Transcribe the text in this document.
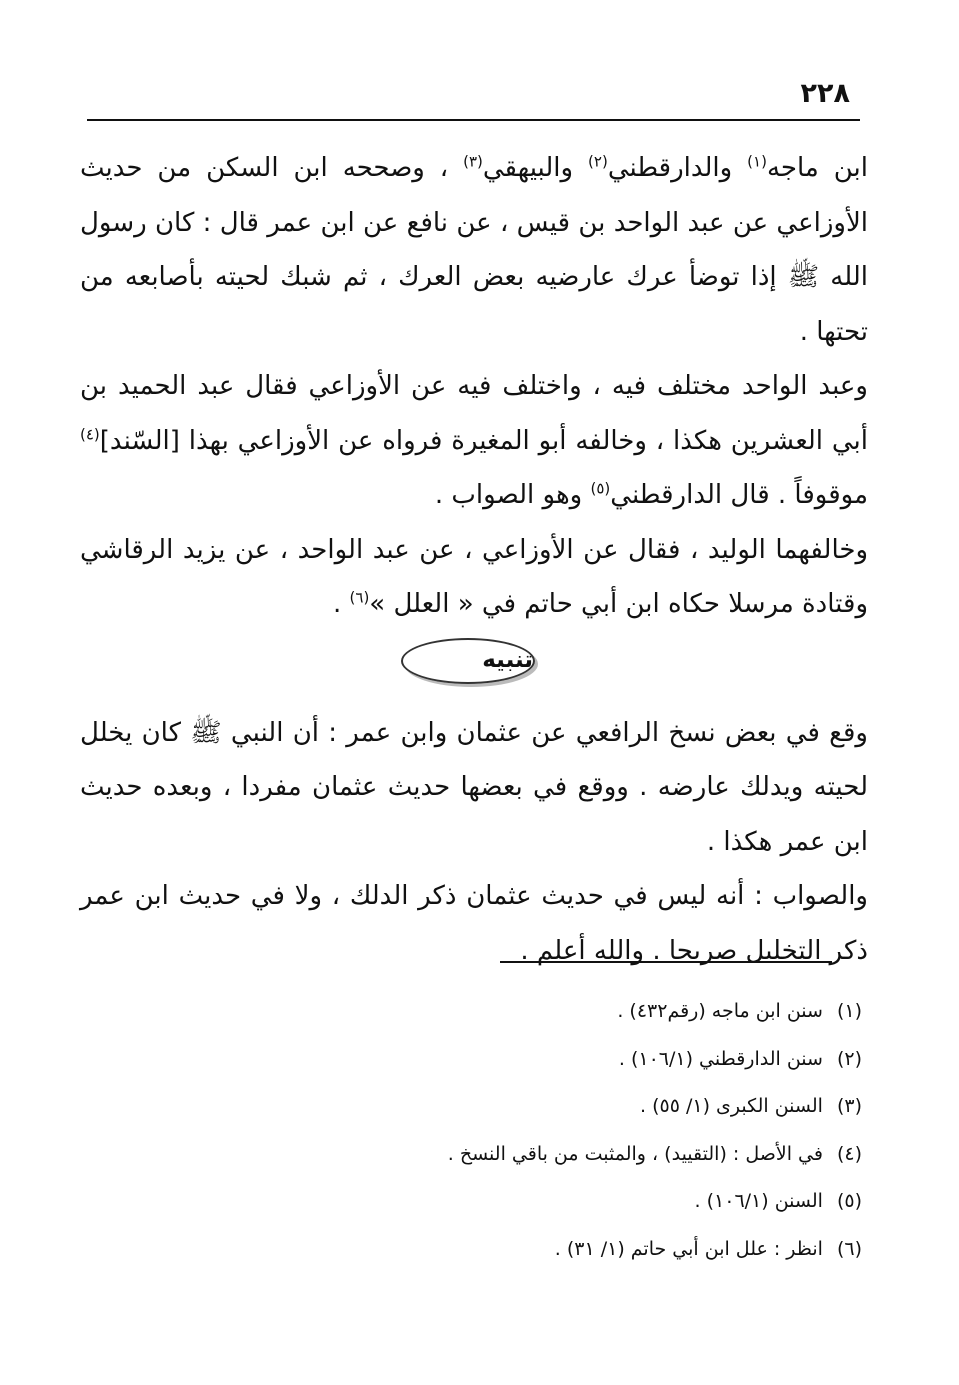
٢٢٨

ابن ماجه$^{(١)}$ والدارقطني$^{(٢)}$ والبيهقي$^{(٣)}$ ، وصححه ابن السكن من حديث الأوزاعي عن عبد الواحد بن قيس ، عن نافع عن ابن عمر قال : كان رسول الله ﷺ إذا توضأ عرك عارضيه بعض العرك ، ثم شبك لحيته بأصابعه من تحتها .

وعبد الواحد مختلف فيه ، واختلف فيه عن الأوزاعي فقال عبد الحميد بن أبي العشرين هكذا ، وخالفه أبو المغيرة فرواه عن الأوزاعي بهذا [السّند]$^{(٤)}$ موقوفاً . قال الدارقطني$^{(٥)}$ وهو الصواب .

وخالفهما الوليد ، فقال عن الأوزاعي ، عن عبد الواحد ، عن يزيد الرقاشي وقتادة مرسلا حكاه ابن أبي حاتم في « العلل »$^{(٦)}$ .

تنبيه

وقع في بعض نسخ الرافعي عن عثمان وابن عمر : أن النبي ﷺ كان يخلل لحيته ويدلك عارضه . ووقع في بعضها حديث عثمان مفردا ، وبعده حديث ابن عمر هكذا .

والصواب : أنه ليس في حديث عثمان ذكر الدلك ، ولا في حديث ابن عمر ذكر التخليل صريحا . والله أعلم .

(١)سنن ابن ماجه (رقم٤٣٢) .
(٢)سنن الدارقطني (١٠٦/١) .
(٣)السنن الكبرى (١/ ٥٥) .
(٤)في الأصل : (التقييد) ، والمثبت من باقي النسخ .
(٥)السنن (١٠٦/١) .
(٦)انظر : علل ابن أبي حاتم (١/ ٣١) .
